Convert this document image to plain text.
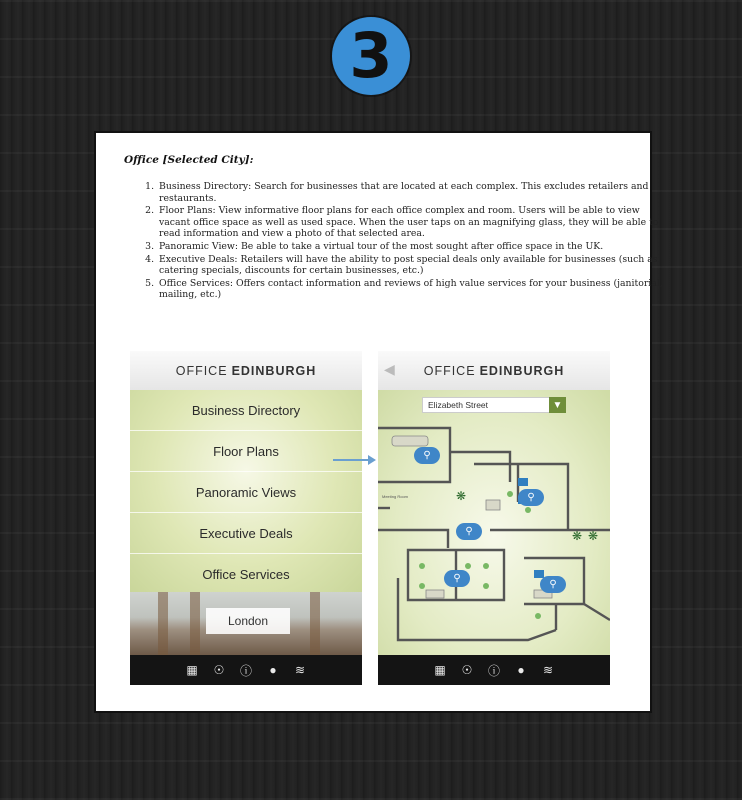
3
Office [Selected City]:
1. Business Directory: Search for businesses that are located at each complex. This excludes retailers and restaurants.
2. Floor Plans: View informative floor plans for each office complex and room. Users will be able to view vacant office space as well as used space. When the user taps on an magnifying glass, they will be able to read information and view a photo of that selected area.
3. Panoramic View: Be able to take a virtual tour of the most sought after office space in the UK.
4. Executive Deals: Retailers will have the ability to post special deals only available for businesses (such as catering specials, discounts for certain businesses, etc.)
5. Office Services: Offers contact information and reviews of high value services for your business (janitorial, mailing, etc.)
OFFICE EDINBURGH
Business Directory
Floor Plans
Panoramic Views
Executive Deals
Office Services
London
▦ ☉ ⓘ ● ≋
◀ OFFICE EDINBURGH
Elizabeth Street	▼
❋
❋ ❋
Meeting Room
⚲
⚲
⚲
⚲
⚲
▦ ☉ ⓘ ● ≋
